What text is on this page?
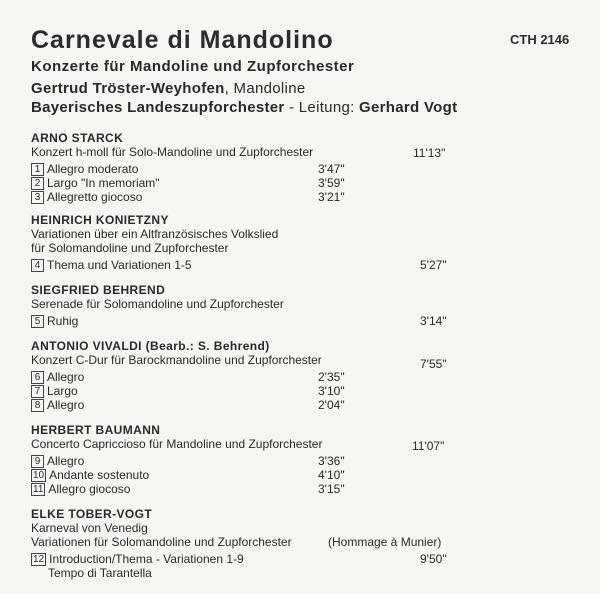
Carnevale di Mandolino	CTH 2146
Konzerte für Mandoline und Zupforchester
Gertrud Tröster-Weyhofen, Mandoline
Bayerisches Landeszupforchester - Leitung: Gerhard Vogt
ARNO STARCK
Konzert h-moll für Solo-Mandoline und Zupforchester	11'13"
1 Allegro moderato	3'47"
2 Largo "In memoriam"	3'59"
3 Allegretto giocoso	3'21"
HEINRICH KONIETZNY
Variationen über ein Altfranzösisches Volkslied
für Solomandoline und Zupforchester
4 Thema und Variationen 1-5	5'27"
SIEGFRIED BEHREND
Serenade für Solomandoline und Zupforchester
5 Ruhig	3'14"
ANTONIO VIVALDI (Bearb.: S. Behrend)
Konzert C-Dur für Barockmandoline und Zupforchester	7'55"
6 Allegro	2'35"
7 Largo	3'10"
8 Allegro	2'04"
HERBERT BAUMANN
Concerto Capriccioso für Mandoline und Zupforchester	11'07"
9 Allegro	3'36"
10 Andante sostenuto	4'10"
11 Allegro giocoso	3'15"
ELKE TOBER-VOGT
Karneval von Venedig
Variationen für Solomandoline und Zupforchester	(Hommage à Munier)
12 Introduction/Thema - Variationen 1-9	9'50"
Tempo di Tarantella
